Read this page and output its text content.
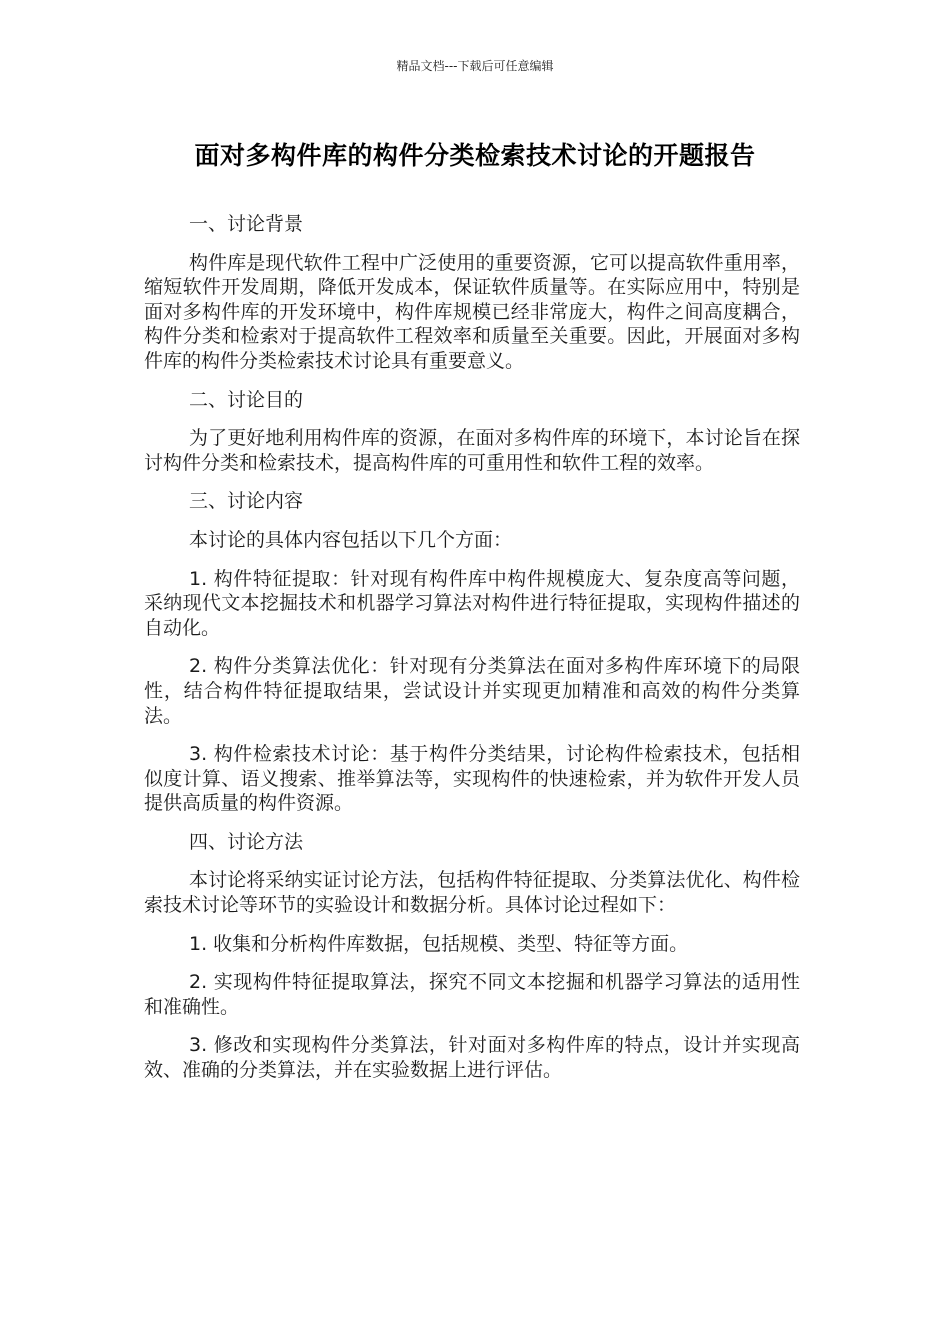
精品文档---下载后可任意编辑
面对多构件库的构件分类检索技术讨论的开题报告
一、讨论背景

构件库是现代软件工程中广泛使用的重要资源，它可以提高软件重用率，缩短软件开发周期，降低开发成本，保证软件质量等。在实际应用中，特别是面对多构件库的开发环境中，构件库规模已经非常庞大，构件之间高度耦合，构件分类和检索对于提高软件工程效率和质量至关重要。因此，开展面对多构件库的构件分类检索技术讨论具有重要意义。

二、讨论目的

为了更好地利用构件库的资源，在面对多构件库的环境下，本讨论旨在探讨构件分类和检索技术，提高构件库的可重用性和软件工程的效率。

三、讨论内容

本讨论的具体内容包括以下几个方面：

1. 构件特征提取：针对现有构件库中构件规模庞大、复杂度高等问题，采纳现代文本挖掘技术和机器学习算法对构件进行特征提取，实现构件描述的自动化。

2. 构件分类算法优化：针对现有分类算法在面对多构件库环境下的局限性，结合构件特征提取结果，尝试设计并实现更加精准和高效的构件分类算法。

3. 构件检索技术讨论：基于构件分类结果，讨论构件检索技术，包括相似度计算、语义搜索、推举算法等，实现构件的快速检索，并为软件开发人员提供高质量的构件资源。

四、讨论方法

本讨论将采纳实证讨论方法，包括构件特征提取、分类算法优化、构件检索技术讨论等环节的实验设计和数据分析。具体讨论过程如下：

1. 收集和分析构件库数据，包括规模、类型、特征等方面。

2. 实现构件特征提取算法，探究不同文本挖掘和机器学习算法的适用性和准确性。

3. 修改和实现构件分类算法，针对面对多构件库的特点，设计并实现高效、准确的分类算法，并在实验数据上进行评估。
